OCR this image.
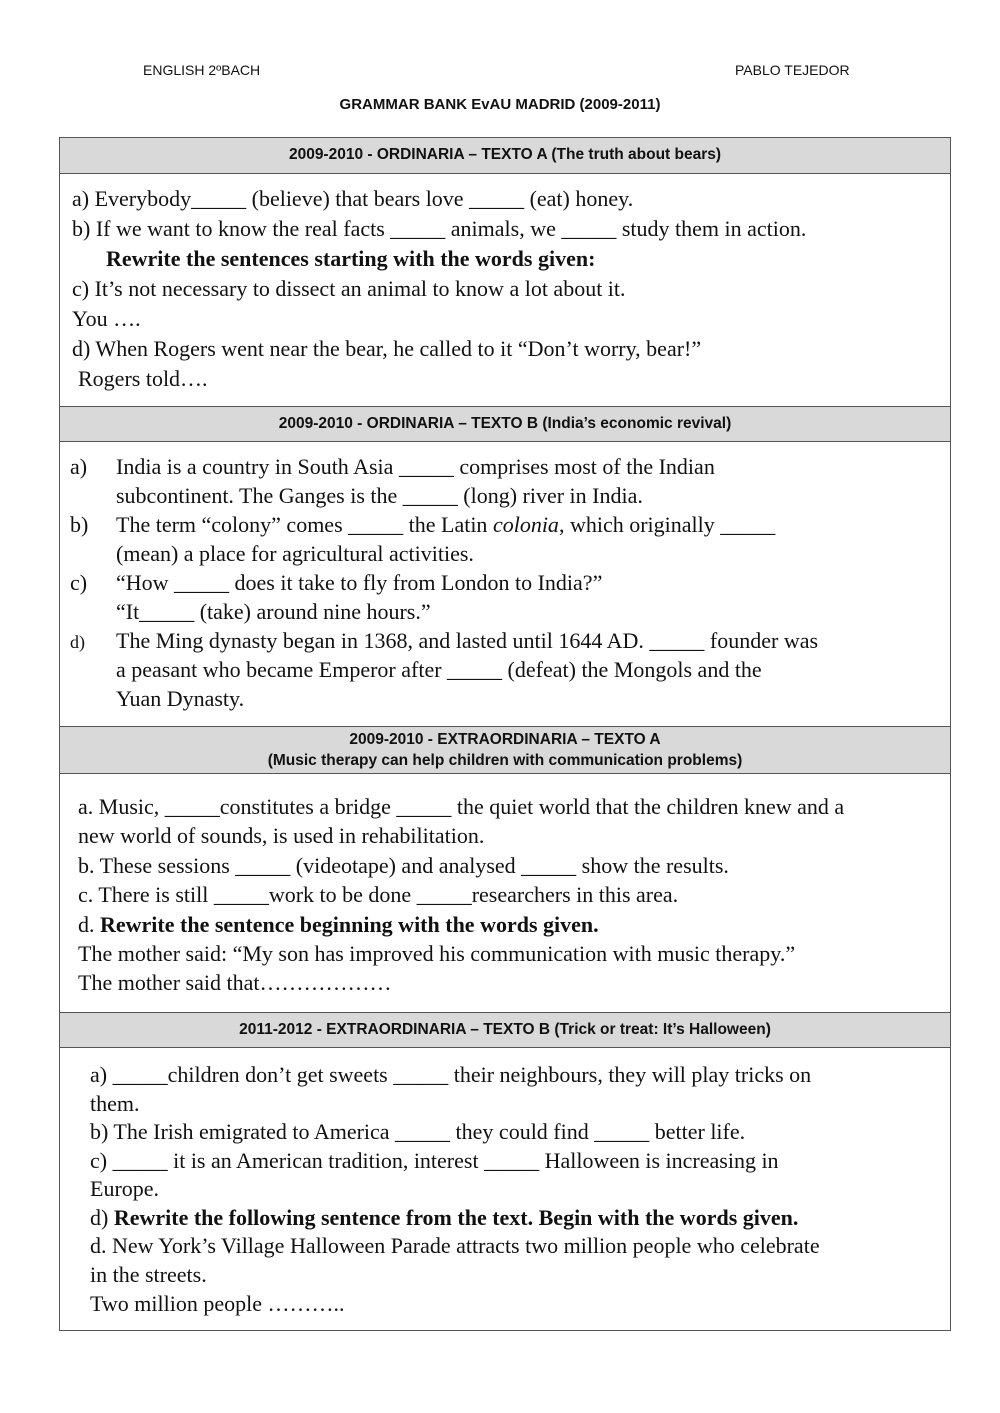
ENGLISH 2ºBACH	PABLO TEJEDOR
GRAMMAR BANK EvAU MADRID (2009-2011)
2009-2010 - ORDINARIA – TEXTO A (The truth about bears)
a) Everybody_____ (believe) that bears love _____ (eat) honey.
b) If we want to know the real facts _____ animals, we _____ study them in action.
Rewrite the sentences starting with the words given:
c) It’s not necessary to dissect an animal to know a lot about it.
You ….
d) When Rogers went near the bear, he called to it “Don’t worry, bear!”
Rogers told….
2009-2010 - ORDINARIA – TEXTO B (India’s economic revival)
a) India is a country in South Asia _____ comprises most of the Indian
subcontinent. The Ganges is the _____ (long) river in India.
b) The term “colony” comes _____ the Latin colonia, which originally _____
(mean) a place for agricultural activities.
c) “How _____ does it take to fly from London to India?”
“It_____ (take) around nine hours.”
d) The Ming dynasty began in 1368, and lasted until 1644 AD. _____ founder was
a peasant who became Emperor after _____ (defeat) the Mongols and the
Yuan Dynasty.
2009-2010 - EXTRAORDINARIA – TEXTO A
(Music therapy can help children with communication problems)
a. Music, _____constitutes a bridge _____ the quiet world that the children knew and a
new world of sounds, is used in rehabilitation.
b. These sessions _____ (videotape) and analysed _____ show the results.
c. There is still _____work to be done _____researchers in this area.
d. Rewrite the sentence beginning with the words given.
The mother said: “My son has improved his communication with music therapy.”
The mother said that………………
2011-2012 - EXTRAORDINARIA – TEXTO B (Trick or treat: It’s Halloween)
a) _____children don’t get sweets _____ their neighbours, they will play tricks on
them.
b) The Irish emigrated to America _____ they could find _____ better life.
c) _____ it is an American tradition, interest _____ Halloween is increasing in
Europe.
d) Rewrite the following sentence from the text. Begin with the words given.
d. New York’s Village Halloween Parade attracts two million people who celebrate
in the streets.
Two million people ………..
